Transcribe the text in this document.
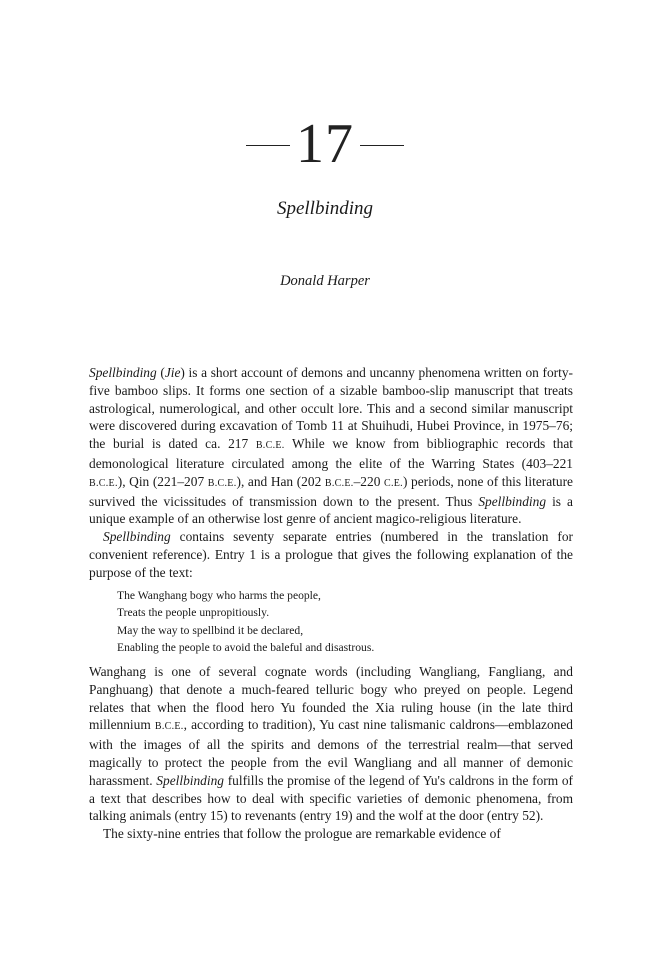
17
Spellbinding
Donald Harper

Spellbinding (Jie) is a short account of demons and uncanny phenomena written on forty-five bamboo slips. It forms one section of a sizable bamboo-slip manuscript that treats astrological, numerological, and other occult lore. This and a second similar manuscript were discovered during excavation of Tomb 11 at Shuihudi, Hubei Province, in 1975–76; the burial is dated ca. 217 B.C.E. While we know from bibliographic records that demonological literature circulated among the elite of the Warring States (403–221 B.C.E.), Qin (221–207 B.C.E.), and Han (202 B.C.E.–220 C.E.) periods, none of this literature survived the vicissitudes of transmission down to the present. Thus Spellbinding is a unique example of an otherwise lost genre of ancient magico-religious literature.

Spellbinding contains seventy separate entries (numbered in the translation for convenient reference). Entry 1 is a prologue that gives the following explanation of the purpose of the text:

The Wanghang bogy who harms the people,
Treats the people unpropitiously.
May the way to spellbind it be declared,
Enabling the people to avoid the baleful and disastrous.

Wanghang is one of several cognate words (including Wangliang, Fangliang, and Panghuang) that denote a much-feared telluric bogy who preyed on people. Legend relates that when the flood hero Yu founded the Xia ruling house (in the late third millennium B.C.E., according to tradition), Yu cast nine talismanic caldrons—emblazoned with the images of all the spirits and demons of the terrestrial realm—that served magically to protect the people from the evil Wangliang and all manner of demonic harassment. Spellbinding fulfills the promise of the legend of Yu's caldrons in the form of a text that describes how to deal with specific varieties of demonic phenomena, from talking animals (entry 15) to revenants (entry 19) and the wolf at the door (entry 52).

The sixty-nine entries that follow the prologue are remarkable evidence of
